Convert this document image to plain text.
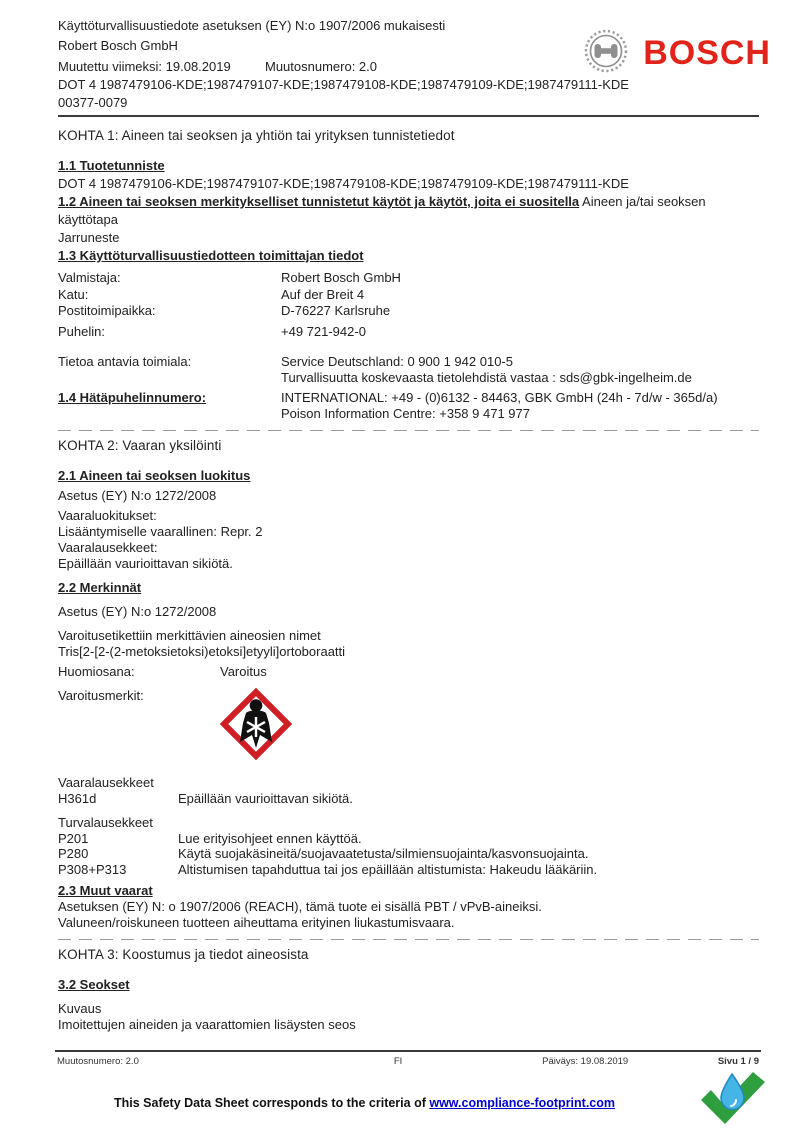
BOSCH
Käyttöturvallisuustiedote asetuksen (EY) N:o 1907/2006 mukaisesti
Robert Bosch GmbH
Muutettu viimeksi: 19.08.2019	Muutosnumero: 2.0
DOT 4 1987479106-KDE;1987479107-KDE;1987479108-KDE;1987479109-KDE;1987479111-KDE
00377-0079
KOHTA 1: Aineen tai seoksen ja yhtiön tai yrityksen tunnistetiedot
1.1 Tuotetunniste
DOT 4 1987479106-KDE;1987479107-KDE;1987479108-KDE;1987479109-KDE;1987479111-KDE

1.2 Aineen tai seoksen merkitykselliset tunnistetut käytöt ja käytöt, joita ei suositella Aineen ja/tai seoksen

käyttötapa
Jarruneste
1.3 Käyttöturvallisuustiedotteen toimittajan tiedot
Valmistaja:	Robert Bosch GmbH
Katu:	Auf der Breit 4
Postitoimipaikka:	D-76227 Karlsruhe
Puhelin:	+49 721-942-0
Tietoa antavia toimiala:	Service Deutschland: 0 900 1 942 010-5
Turvallisuutta koskevaasta tietolehdistä vastaa : sds@gbk-ingelheim.de
1.4 Hätäpuhelinnumero:	INTERNATIONAL: +49 - (0)6132 - 84463, GBK GmbH (24h - 7d/w - 365d/a)
Poison Information Centre: +358 9 471 977
KOHTA 2: Vaaran yksilöinti
2.1 Aineen tai seoksen luokitus
Asetus (EY) N:o 1272/2008
Vaaraluokitukset:
Lisääntymiselle vaarallinen: Repr. 2
Vaaralausekkeet:
Epäillään vaurioittavan sikiötä.
2.2 Merkinnät
Asetus (EY) N:o 1272/2008
Varoitusetikettiin merkittävien aineosien nimet
Tris[2-[2-(2-metoksietoksi)etoksi]etyyli]ortoboraatti
Huomiosana:	Varoitus
Varoitusmerkit:
Vaaralausekkeet
H361d	Epäillään vaurioittavan sikiötä.
Turvalausekkeet
P201	Lue erityisohjeet ennen käyttöä.
P280	Käytä suojakäsineitä/suojavaatetusta/silmiensuojainta/kasvonsuojainta.
P308+P313	Altistumisen tapahduttua tai jos epäillään altistumista: Hakeudu lääkäriin.
2.3 Muut vaarat
Asetuksen (EY) N: o 1907/2006 (REACH), tämä tuote ei sisällä PBT / vPvB-aineiksi.
Valuneen/roiskuneen tuotteen aiheuttama erityinen liukastumisvaara.
KOHTA 3: Koostumus ja tiedot aineosista
3.2 Seokset
Kuvaus
Imoitettujen aineiden ja vaarattomien lisäysten seos
Muutosnumero: 2.0	FI	Päiväys: 19.08.2019	Sivu 1 / 9
This Safety Data Sheet corresponds to the criteria of www.compliance-footprint.com
